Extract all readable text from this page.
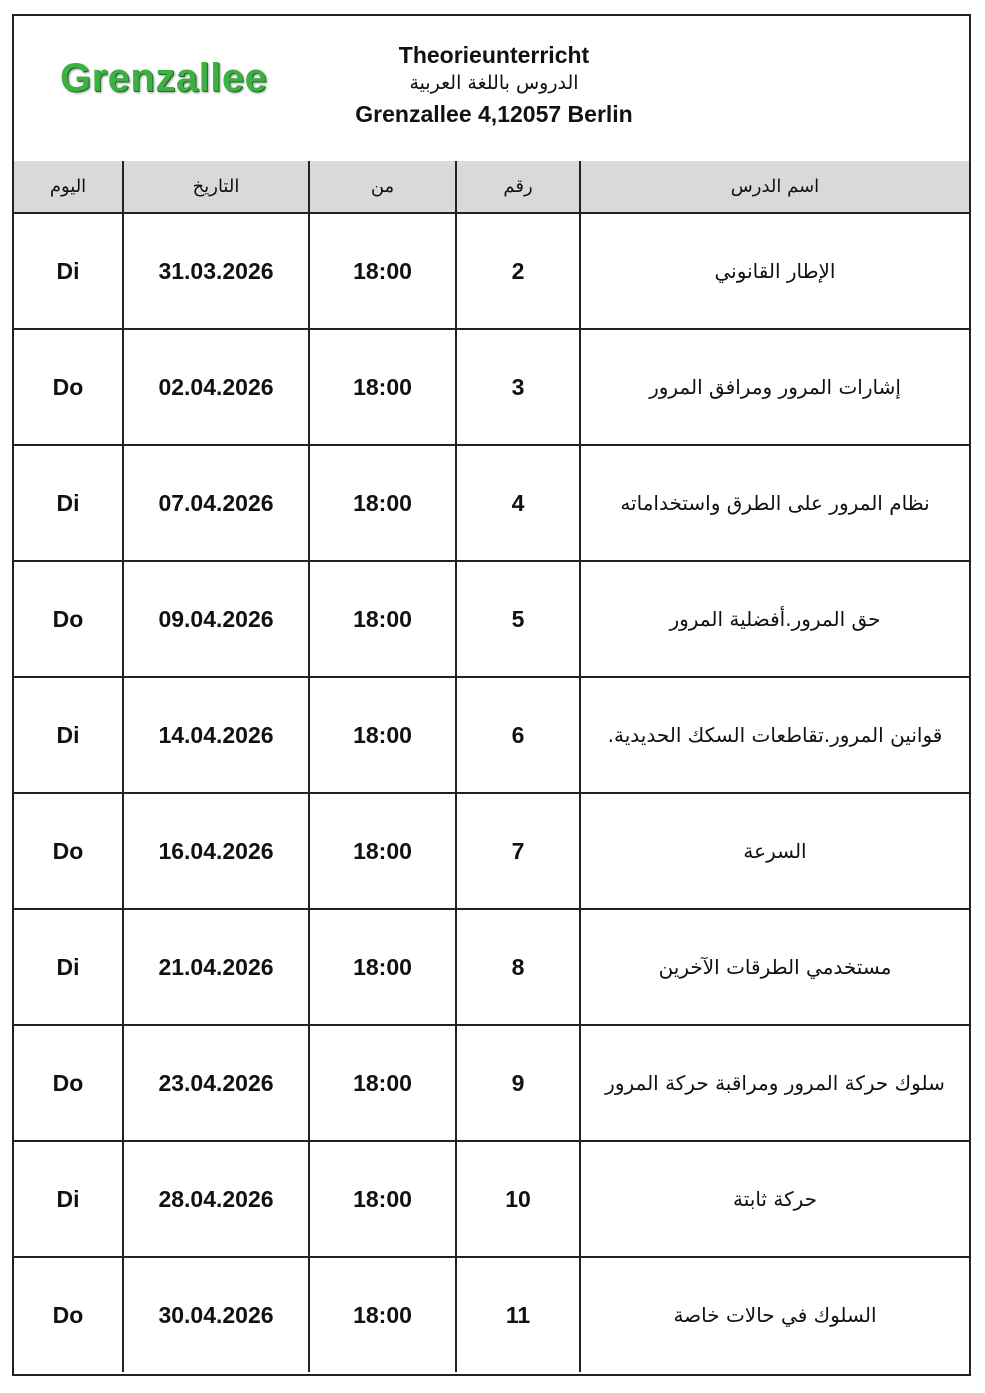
Grenzallee
Theorieunterricht
الدروس باللغة العربية
Grenzallee 4,12057 Berlin
اليوم	التاريخ	من	رقم	اسم الدرس
Di	31.03.2026	18:00	2	الإطار القانوني
Do	02.04.2026	18:00	3	إشارات المرور ومرافق المرور
Di	07.04.2026	18:00	4	نظام المرور على الطرق واستخداماته
Do	09.04.2026	18:00	5	حق المرور.أفضلية المرور
Di	14.04.2026	18:00	6	قوانين المرور.تقاطعات السكك الحديدية.
Do	16.04.2026	18:00	7	السرعة
Di	21.04.2026	18:00	8	مستخدمي الطرقات الآخرين
Do	23.04.2026	18:00	9	سلوك حركة المرور ومراقبة حركة المرور
Di	28.04.2026	18:00	10	حركة ثابتة
Do	30.04.2026	18:00	11	السلوك في حالات خاصة
